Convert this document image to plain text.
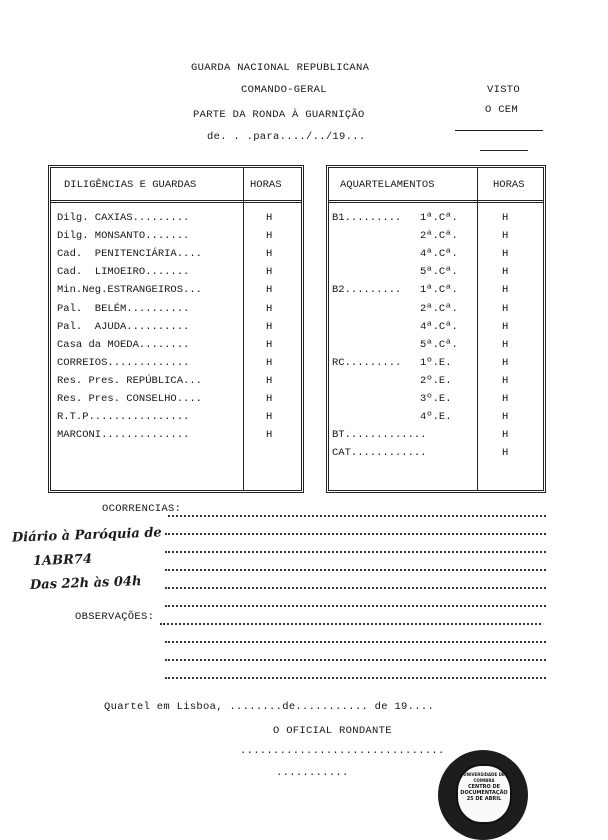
GUARDA NACIONAL REPUBLICANA
COMANDO-GERAL
PARTE DA RONDA À GUARNIÇÃO
de. . .para..../../19...
VISTO
O CEM
DILIGÊNCIAS E GUARDAS	HORAS
Dilg. CAXIAS.........	H
Dilg. MONSANTO.......	H
Cad.  PENITENCIÁRIA....	H
Cad.  LIMOEIRO.......	H
Min.Neg.ESTRANGEIROS...	H
Pal.  BELÉM..........	H
Pal.  AJUDA..........	H
Casa da MOEDA........	H
CORREIOS.............	H
Res. Pres. REPÚBLICA...	H
Res. Pres. CONSELHO....	H
R.T.P................	H
MARCONI..............	H
AQUARTELAMENTOS	HORAS
B1......... 1ª.Cª.	H
2ª.Cª.	H
4ª.Cª.	H
5ª.Cª.	H
B2......... 1ª.Cª.	H
2ª.Cª.	H
4ª.Cª.	H
5ª.Cª.	H
RC......... 1º.E.	H
2º.E.	H
3º.E.	H
4º.E.	H
BT.............	H
CAT............	H
OCORRENCIAS:
OBSERVAÇÕES:
Diário à Paróquia de
1ABR74
Das 22h às 04h
Quartel em Lisboa, ........de........... de 19....
O OFICIAL RONDANTE
...............................
...........	UNIVERSIDADE DE COIMBRA
CENTRO DE
DOCUMENTAÇÃO
25 DE ABRIL
